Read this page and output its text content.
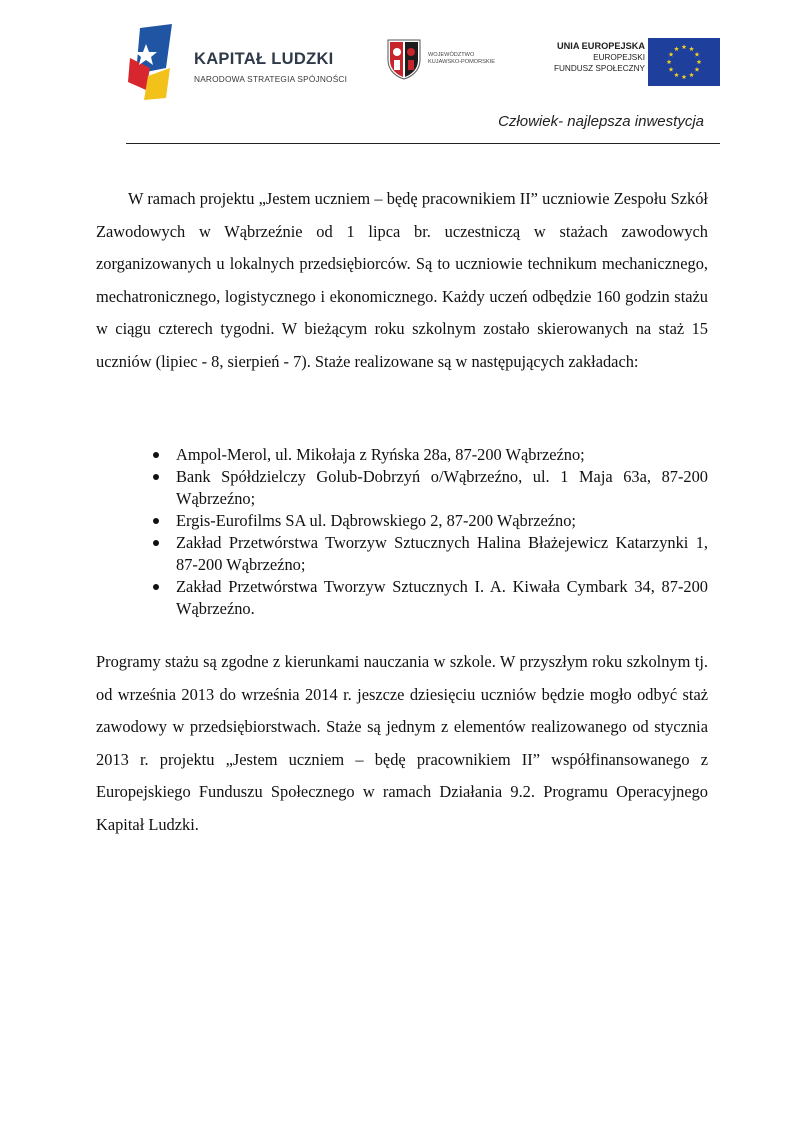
KAPITAŁ LUDZKI
NARODOWA STRATEGIA SPÓJNOŚCI
WOJEWÓDZTWO
KUJAWSKO-POMORSKIE
UNIA EUROPEJSKA
EUROPEJSKI
FUNDUSZ SPOŁECZNY
Człowiek- najlepsza inwestycja

W ramach projektu „Jestem uczniem – będę pracownikiem II” uczniowie Zespołu Szkół Zawodowych w Wąbrzeźnie od 1 lipca br. uczestniczą w stażach zawodowych zorganizowanych u lokalnych przedsiębiorców. Są to uczniowie technikum mechanicznego, mechatronicznego, logistycznego i ekonomicznego. Każdy uczeń odbędzie 160 godzin stażu w ciągu czterech tygodni. W bieżącym roku szkolnym zostało skierowanych na staż 15 uczniów (lipiec - 8, sierpień - 7). Staże realizowane są w następujących zakładach:

Ampol-Merol, ul. Mikołaja z Ryńska 28a, 87-200 Wąbrzeźno;
Bank Spółdzielczy Golub-Dobrzyń o/Wąbrzeźno, ul. 1 Maja 63a, 87-200 Wąbrzeźno;
Ergis-Eurofilms SA ul. Dąbrowskiego 2, 87-200 Wąbrzeźno;
Zakład Przetwórstwa Tworzyw Sztucznych Halina Błażejewicz Katarzynki 1, 87-200 Wąbrzeźno;
Zakład Przetwórstwa Tworzyw Sztucznych I. A. Kiwała Cymbark 34, 87-200 Wąbrzeźno.

Programy stażu są zgodne z kierunkami nauczania w szkole. W przyszłym roku szkolnym tj. od września 2013 do września 2014 r. jeszcze dziesięciu uczniów będzie mogło odbyć staż zawodowy w przedsiębiorstwach. Staże są jednym z elementów realizowanego od stycznia 2013 r. projektu „Jestem uczniem – będę pracownikiem II” współfinansowanego z Europejskiego Funduszu Społecznego w ramach Działania 9.2. Programu Operacyjnego Kapitał Ludzki.
